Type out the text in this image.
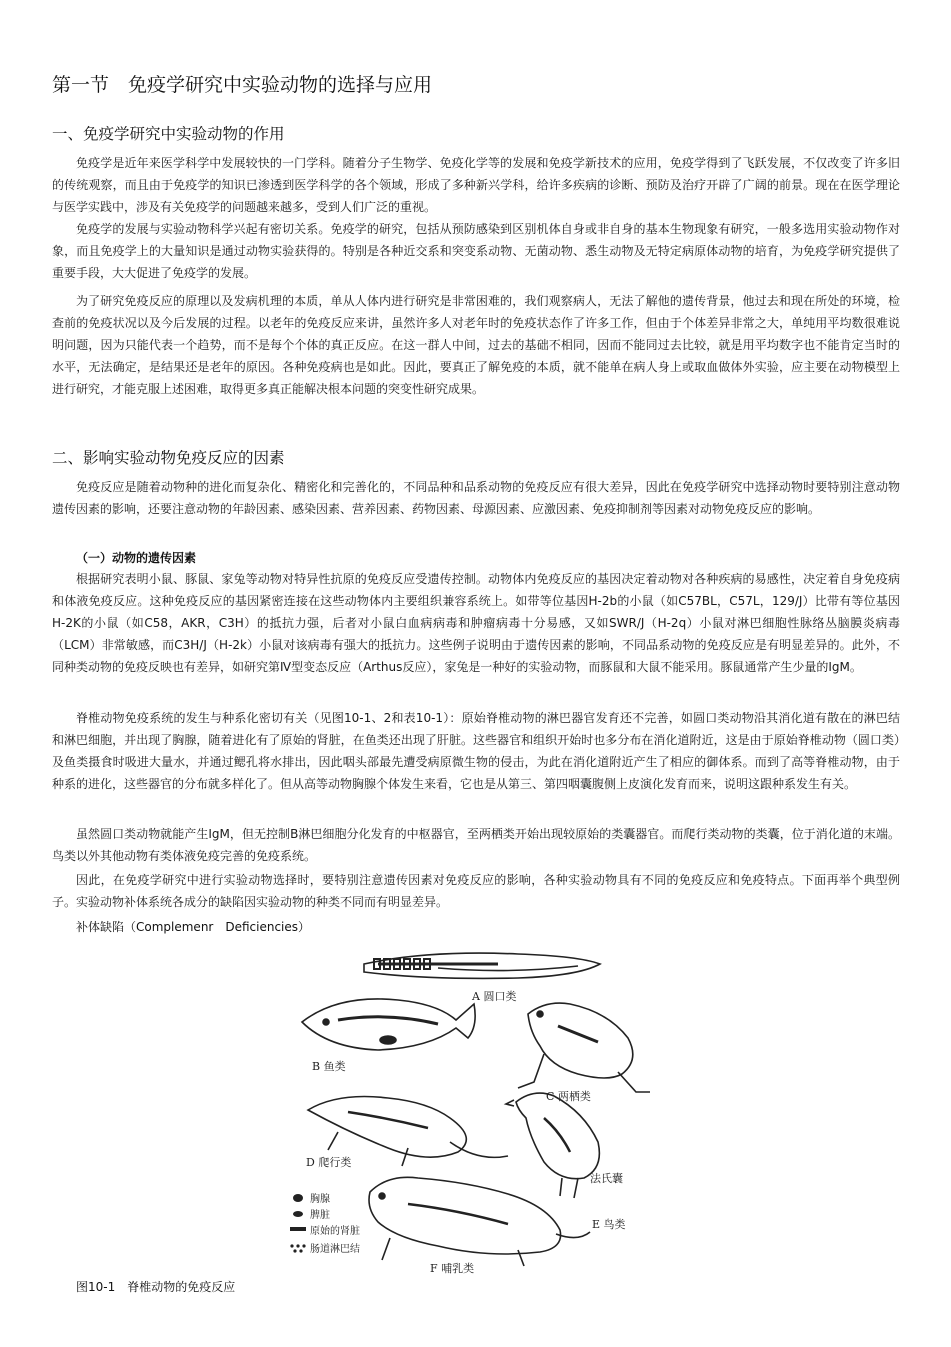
第一节　免疫学研究中实验动物的选择与应用
一、免疫学研究中实验动物的作用
免疫学是近年来医学科学中发展较快的一门学科。随着分子生物学、免疫化学等的发展和免疫学新技术的应用，免疫学得到了飞跃发展，不仅改变了许多旧的传统观察，而且由于免疫学的知识已渗透到医学科学的各个领域，形成了多种新兴学科，给许多疾病的诊断、预防及治疗开辟了广阔的前景。现在在医学理论与医学实践中，涉及有关免疫学的问题越来越多，受到人们广泛的重视。
免疫学的发展与实验动物科学兴起有密切关系。免疫学的研究，包括从预防感染到区别机体自身或非自身的基本生物现象有研究，一般多选用实验动物作对象，而且免疫学上的大量知识是通过动物实验获得的。特别是各种近交系和突变系动物、无菌动物、悉生动物及无特定病原体动物的培育，为免疫学研究提供了重要手段，大大促进了免疫学的发展。
为了研究免疫反应的原理以及发病机理的本质，单从人体内进行研究是非常困难的，我们观察病人，无法了解他的遗传背景，他过去和现在所处的环境，检查前的免疫状况以及今后发展的过程。以老年的免疫反应来讲，虽然许多人对老年时的免疫状态作了许多工作，但由于个体差异非常之大，单纯用平均数很难说明问题，因为只能代表一个趋势，而不是每个个体的真正反应。在这一群人中间，过去的基础不相同，因而不能同过去比较，就是用平均数字也不能肯定当时的水平，无法确定，是结果还是老年的原因。各种免疫病也是如此。因此，要真正了解免疫的本质，就不能单在病人身上或取血做体外实验，应主要在动物模型上进行研究，才能克服上述困难，取得更多真正能解决根本问题的突变性研究成果。
二、影响实验动物免疫反应的因素
免疫反应是随着动物种的进化而复杂化、精密化和完善化的，不同品种和品系动物的免疫反应有很大差异，因此在免疫学研究中选择动物时要特别注意动物遗传因素的影响，还要注意动物的年龄因素、感染因素、营养因素、药物因素、母源因素、应激因素、免疫抑制剂等因素对动物免疫反应的影响。
（一）动物的遗传因素
根据研究表明小鼠、豚鼠、家兔等动物对特异性抗原的免疫反应受遗传控制。动物体内免疫反应的基因决定着动物对各种疾病的易感性，决定着自身免疫病和体液免疫反应。这种免疫反应的基因紧密连接在这些动物体内主要组织兼容系统上。如带等位基因H-2b的小鼠（如C57BL，C57L，129/J）比带有等位基因H-2K的小鼠（如C58，AKR，C3H）的抵抗力强，后者对小鼠白血病病毒和肿瘤病毒十分易感，又如SWR/J（H-2q）小鼠对淋巴细胞性脉络丛脑膜炎病毒（LCM）非常敏感，而C3H/J（H-2k）小鼠对该病毒有强大的抵抗力。这些例子说明由于遗传因素的影响，不同品系动物的免疫反应是有明显差异的。此外，不同种类动物的免疫反映也有差异，如研究第Ⅳ型变态反应（Arthus反应），家兔是一种好的实验动物，而豚鼠和大鼠不能采用。豚鼠通常产生少量的IgM。
脊椎动物免疫系统的发生与种系化密切有关（见图10-1、2和表10-1）：原始脊椎动物的淋巴器官发育还不完善，如圆口类动物沿其消化道有散在的淋巴结和淋巴细胞，并出现了胸腺，随着进化有了原始的肾脏，在鱼类还出现了肝脏。这些器官和组织开始时也多分布在消化道附近，这是由于原始脊椎动物（圆口类）及鱼类摄食时吸进大量水，并通过鳃孔将水排出，因此咽头部最先遭受病原微生物的侵击，为此在消化道附近产生了相应的御体系。而到了高等脊椎动物，由于种系的进化，这些器官的分布就多样化了。但从高等动物胸腺个体发生来看，它也是从第三、第四咽囊腹侧上皮演化发育而来，说明这跟种系发生有关。
虽然圆口类动物就能产生IgM，但无控制B淋巴细胞分化发育的中枢器官，至两栖类开始出现较原始的类囊器官。而爬行类动物的类囊，位于消化道的末端。鸟类以外其他动物有类体液免疫完善的免疫系统。
因此，在免疫学研究中进行实验动物选择时，要特别注意遗传因素对免疫反应的影响，各种实验动物具有不同的免疫反应和免疫特点。下面再举个典型例子。实验动物补体系统各成分的缺陷因实验动物的种类不同而有明显差异。
补体缺陷（Complemenr　Deficiencies）
A 圆口类
B 鱼类
C 两栖类
D 爬行类
法氏囊
E 鸟类
F 哺乳类
胸腺
脾脏
原始的肾脏
肠道淋巴结
图10-1　脊椎动物的免疫反应
